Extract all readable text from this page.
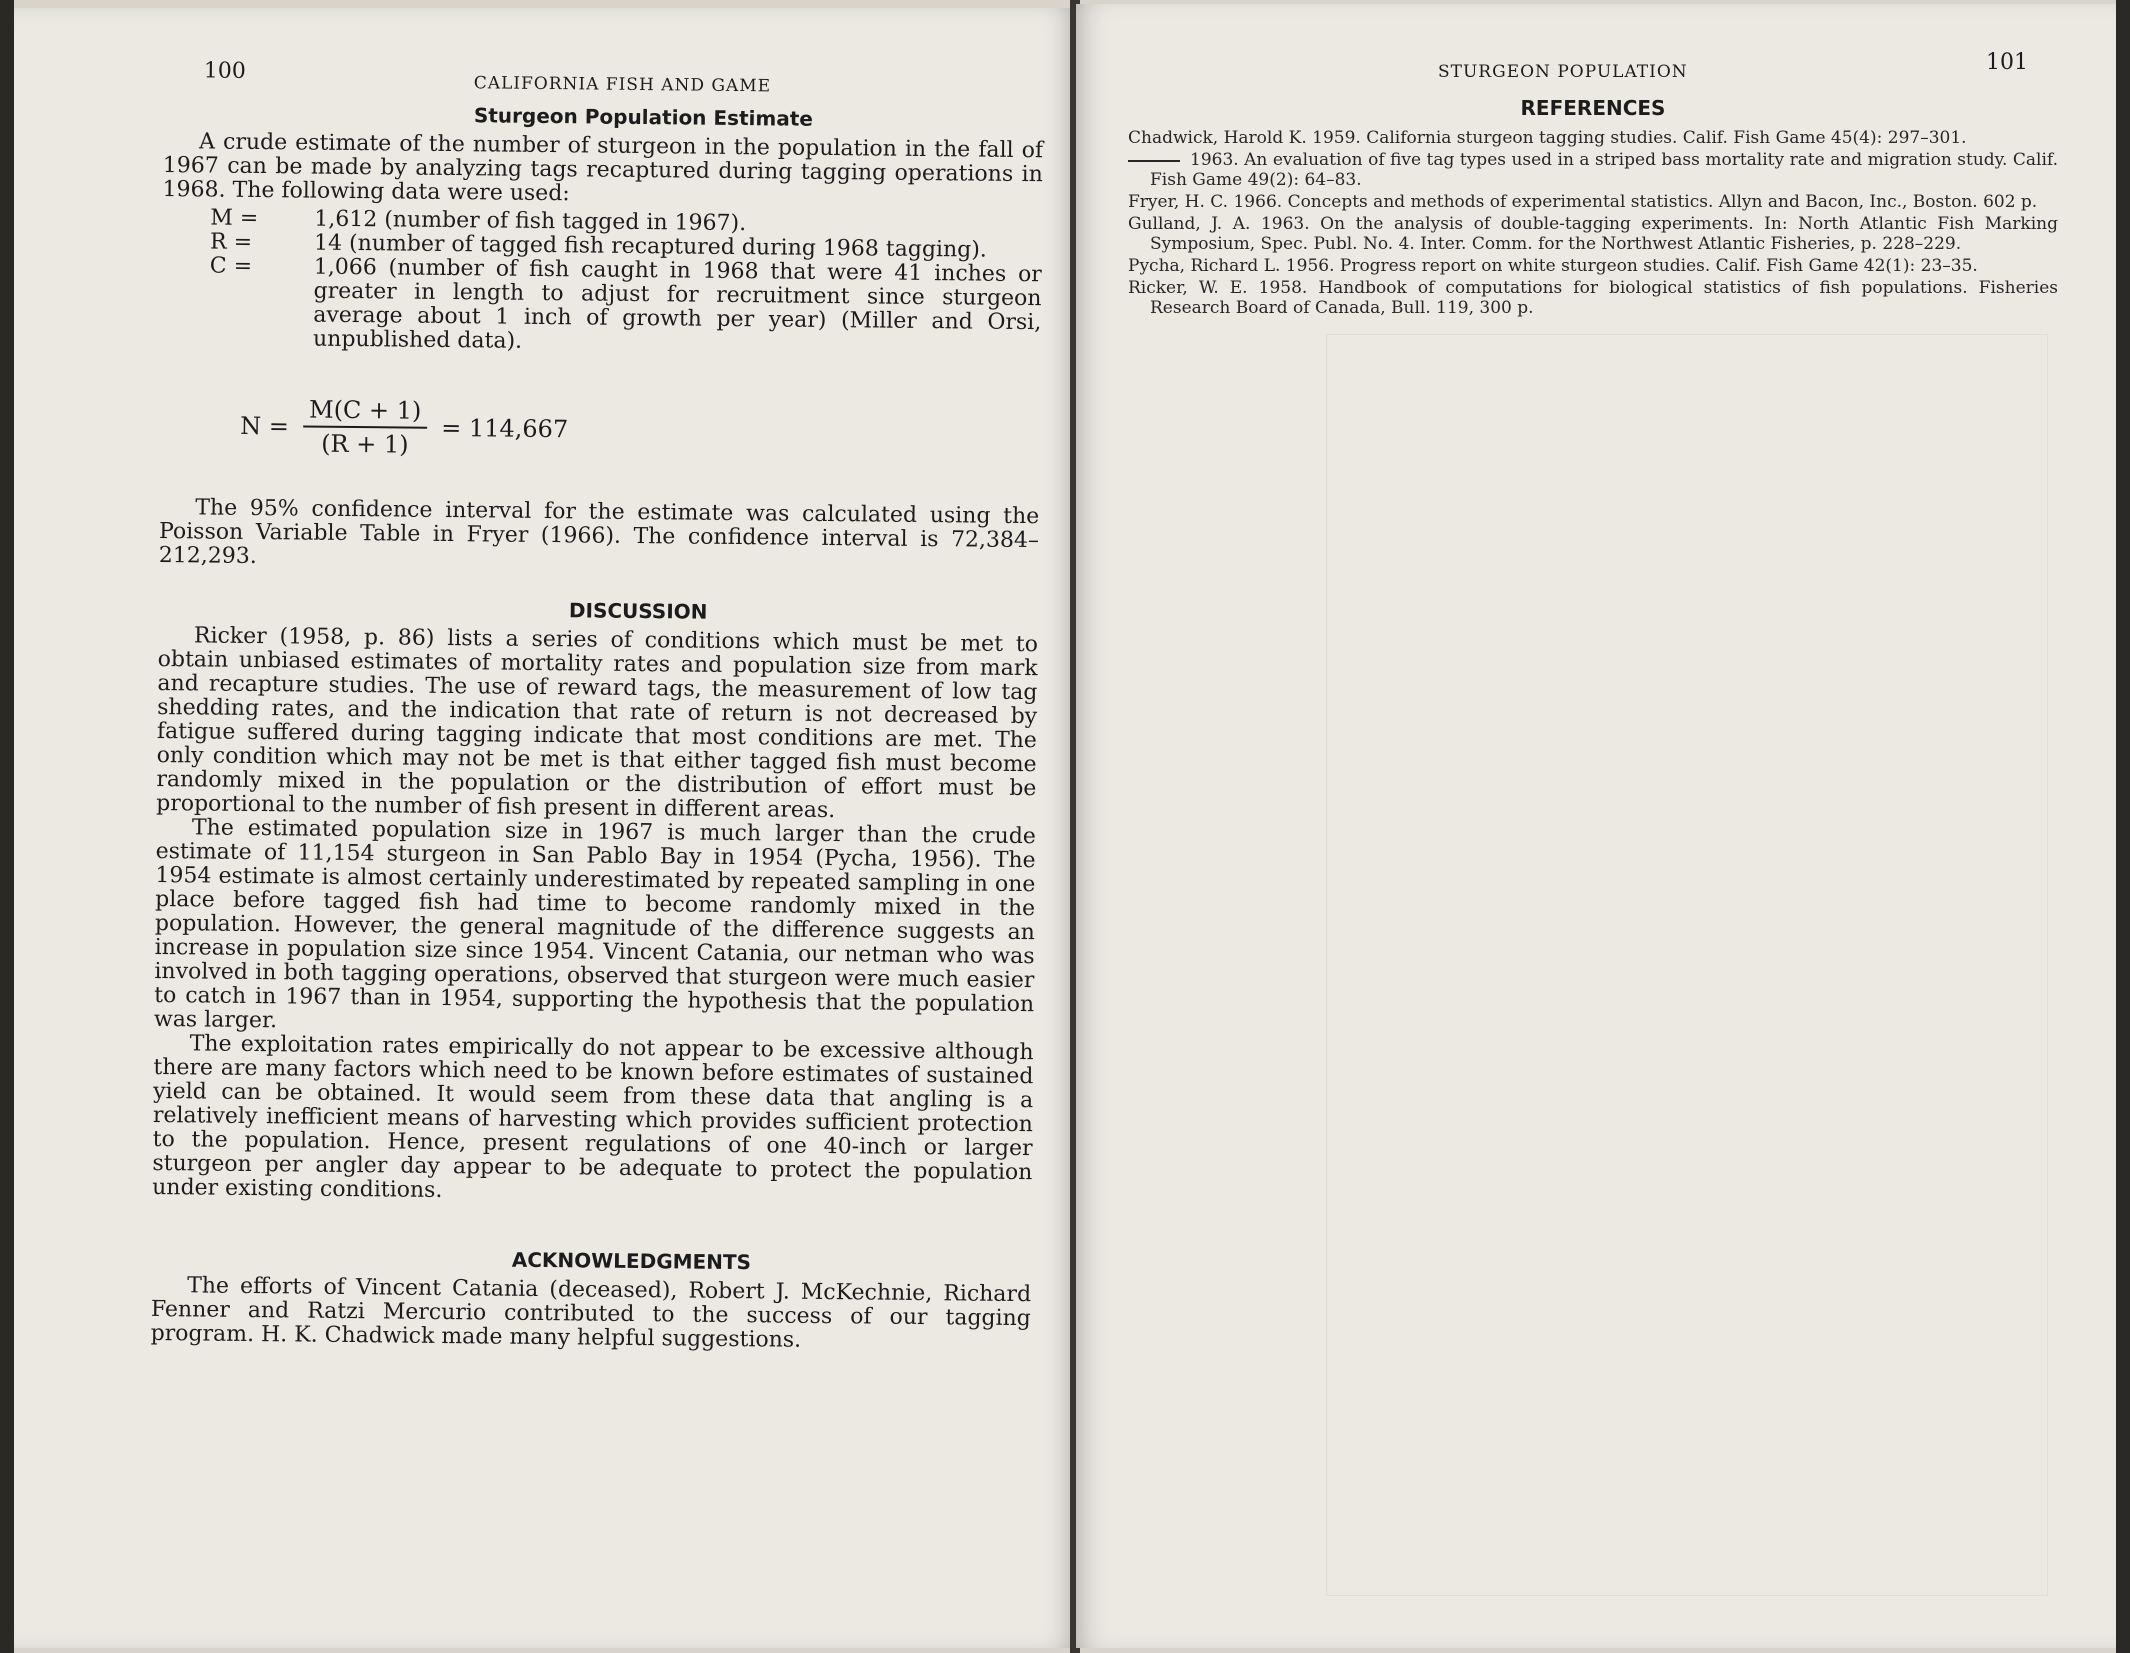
100
CALIFORNIA FISH AND GAME
Sturgeon Population Estimate

A crude estimate of the number of sturgeon in the population in the fall of 1967 can be made by analyzing tags recaptured during tagging operations in 1968. The following data were used:

M =	1,612 (number of fish tagged in 1967).
R =	14 (number of tagged fish recaptured during 1968 tagging).
C =	1,066 (number of fish caught in 1968 that were 41 inches or greater in length to adjust for recruitment since sturgeon average about 1 inch of growth per year) (Miller and Orsi, unpublished data).
$N = \frac{M(C + 1)}{(R + 1)} = 114,667$

The 95% confidence interval for the estimate was calculated using the Poisson Variable Table in Fryer (1966). The confidence interval is 72,384–212,293.

DISCUSSION

Ricker (1958, p. 86) lists a series of conditions which must be met to obtain unbiased estimates of mortality rates and population size from mark and recapture studies. The use of reward tags, the measurement of low tag shedding rates, and the indication that rate of return is not decreased by fatigue suffered during tagging indicate that most conditions are met. The only condition which may not be met is that either tagged fish must become randomly mixed in the population or the distribution of effort must be proportional to the number of fish present in different areas.

The estimated population size in 1967 is much larger than the crude estimate of 11,154 sturgeon in San Pablo Bay in 1954 (Pycha, 1956). The 1954 estimate is almost certainly underestimated by repeated sampling in one place before tagged fish had time to become randomly mixed in the population. However, the general magnitude of the difference suggests an increase in population size since 1954. Vincent Catania, our netman who was involved in both tagging operations, observed that sturgeon were much easier to catch in 1967 than in 1954, supporting the hypothesis that the population was larger.

The exploitation rates empirically do not appear to be excessive although there are many factors which need to be known before estimates of sustained yield can be obtained. It would seem from these data that angling is a relatively inefficient means of harvesting which provides sufficient protection to the population. Hence, present regulations of one 40-inch or larger sturgeon per angler day appear to be adequate to protect the population under existing conditions.

ACKNOWLEDGMENTS

The efforts of Vincent Catania (deceased), Robert J. McKechnie, Richard Fenner and Ratzi Mercurio contributed to the success of our tagging program. H. K. Chadwick made many helpful suggestions.

STURGEON POPULATION	101
REFERENCES

Chadwick, Harold K. 1959. California sturgeon tagging studies. Calif. Fish Game 45(4): 297–301.

1963. An evaluation of five tag types used in a striped bass mortality rate and migration study. Calif. Fish Game 49(2): 64–83.

Fryer, H. C. 1966. Concepts and methods of experimental statistics. Allyn and Bacon, Inc., Boston. 602 p.

Gulland, J. A. 1963. On the analysis of double-tagging experiments. In: North Atlantic Fish Marking Symposium, Spec. Publ. No. 4. Inter. Comm. for the Northwest Atlantic Fisheries, p. 228–229.

Pycha, Richard L. 1956. Progress report on white sturgeon studies. Calif. Fish Game 42(1): 23–35.

Ricker, W. E. 1958. Handbook of computations for biological statistics of fish populations. Fisheries Research Board of Canada, Bull. 119, 300 p.
